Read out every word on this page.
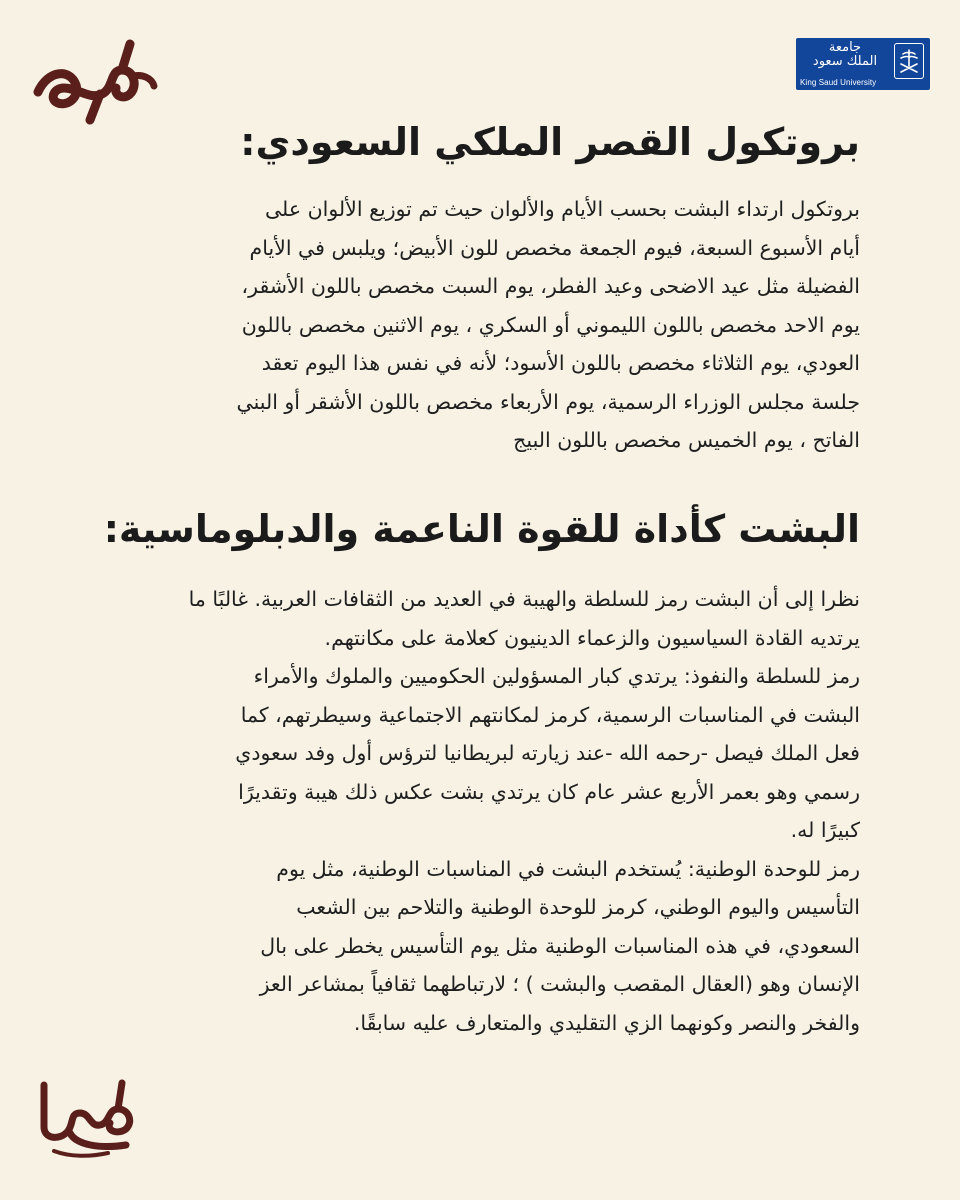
جامعة
الملك سعود
King Saud University
بروتكول القصر الملكي السعودي:
بروتكول ارتداء البشت بحسب الأيام والألوان حيث تم توزيع الألوان على
أيام الأسبوع السبعة، فيوم الجمعة مخصص للون الأبيض؛ ويلبس في الأيام
الفضيلة مثل عيد الاضحى وعيد الفطر، يوم السبت مخصص باللون الأشقر،
يوم الاحد مخصص باللون الليموني أو السكري ، يوم الاثنين مخصص باللون
العودي، يوم الثلاثاء مخصص باللون الأسود؛ لأنه في نفس هذا اليوم تعقد
جلسة مجلس الوزراء الرسمية، يوم الأربعاء مخصص باللون الأشقر أو البني
الفاتح ، يوم الخميس مخصص باللون البيج
البشت كأداة للقوة الناعمة والدبلوماسية:
نظرا إلى أن البشت رمز للسلطة والهيبة في العديد من الثقافات العربية. غالبًا ما
يرتديه القادة السياسيون والزعماء الدينيون كعلامة على مكانتهم.
رمز للسلطة والنفوذ: يرتدي كبار المسؤولين الحكوميين والملوك والأمراء
البشت في المناسبات الرسمية، كرمز لمكانتهم الاجتماعية وسيطرتهم، كما
فعل الملك فيصل -رحمه الله -عند زيارته لبريطانيا لترؤس أول وفد سعودي
رسمي وهو بعمر الأربع عشر عام كان يرتدي بشت عكس ذلك هيبة وتقديرًا
كبيرًا له.
رمز للوحدة الوطنية: يُستخدم البشت في المناسبات الوطنية، مثل يوم
التأسيس واليوم الوطني، كرمز للوحدة الوطنية والتلاحم بين الشعب
السعودي، في هذه المناسبات الوطنية مثل يوم التأسيس يخطر على بال
الإنسان وهو (العقال المقصب والبشت ) ؛ لارتباطهما ثقافياً بمشاعر العز
والفخر والنصر وكونهما الزي التقليدي والمتعارف عليه سابقًا.
